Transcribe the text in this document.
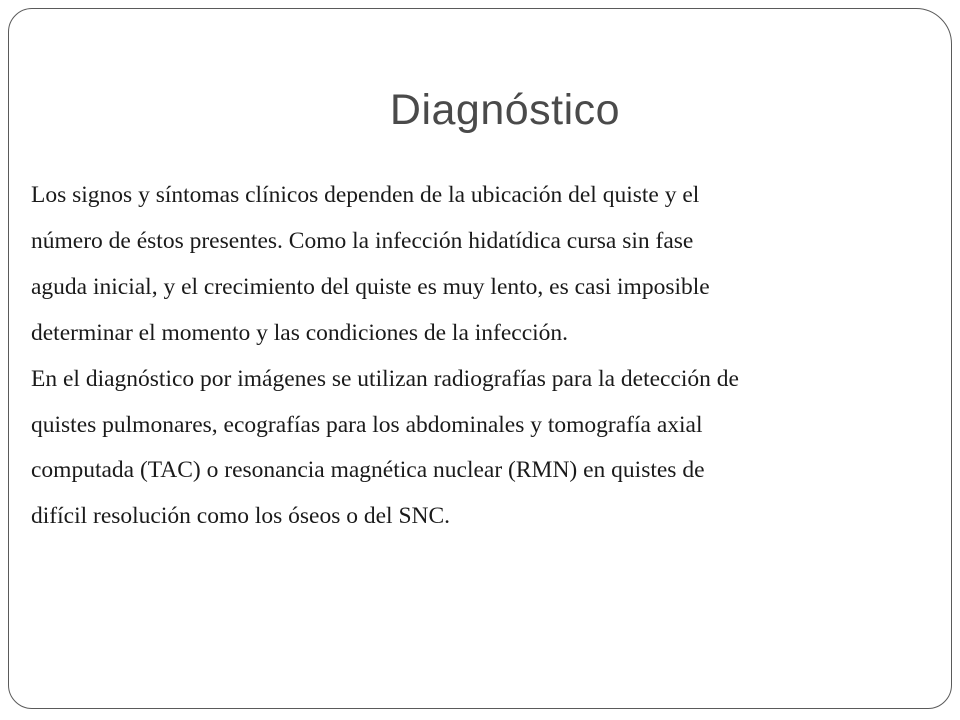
Diagnóstico

Los signos y síntomas clínicos dependen de la ubicación del quiste y el
número de éstos presentes. Como la infección hidatídica cursa sin fase
aguda inicial, y el crecimiento del quiste es muy lento, es casi imposible
determinar el momento y las condiciones de la infección.

En el diagnóstico por imágenes se utilizan radiografías para la detección de
quistes pulmonares, ecografías para los abdominales y tomografía axial
computada (TAC) o resonancia magnética nuclear (RMN) en quistes de
difícil resolución como los óseos o del SNC.
